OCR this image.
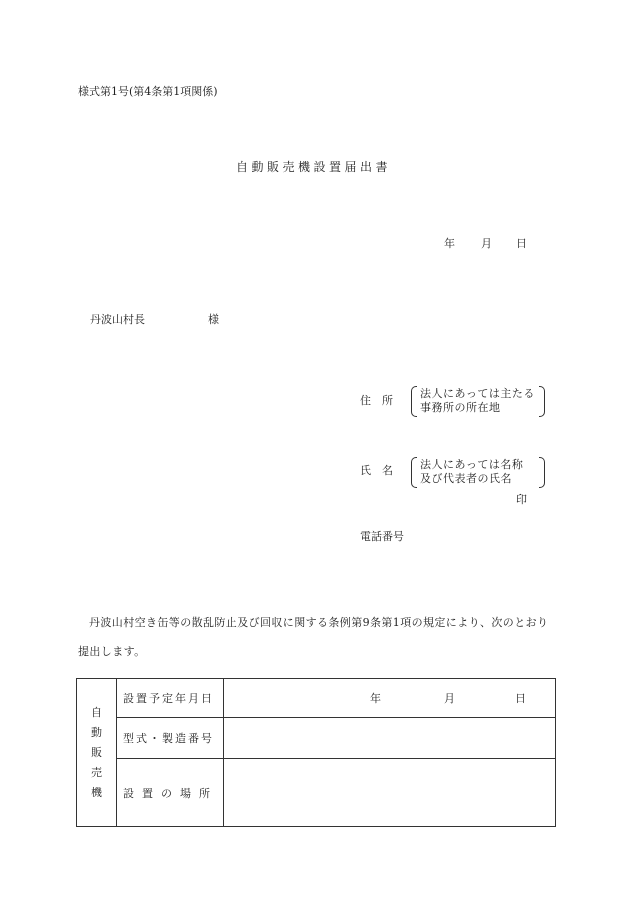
様式第1号(第4条第1項関係)
自動販売機設置届出書
年 月 日
丹波山村長	様
住 所
法人にあっては主たる
事務所の所在地
氏 名 法人にあっては名称
及び代表者の氏名
印
電話番号
丹波山村空き缶等の散乱防止及び回収に関する条例第9条第1項の規定により、次のとおり提出します。
自動販売機	設置予定年月日	年 月 日

	型式・製造番号	
	設置の場所	
